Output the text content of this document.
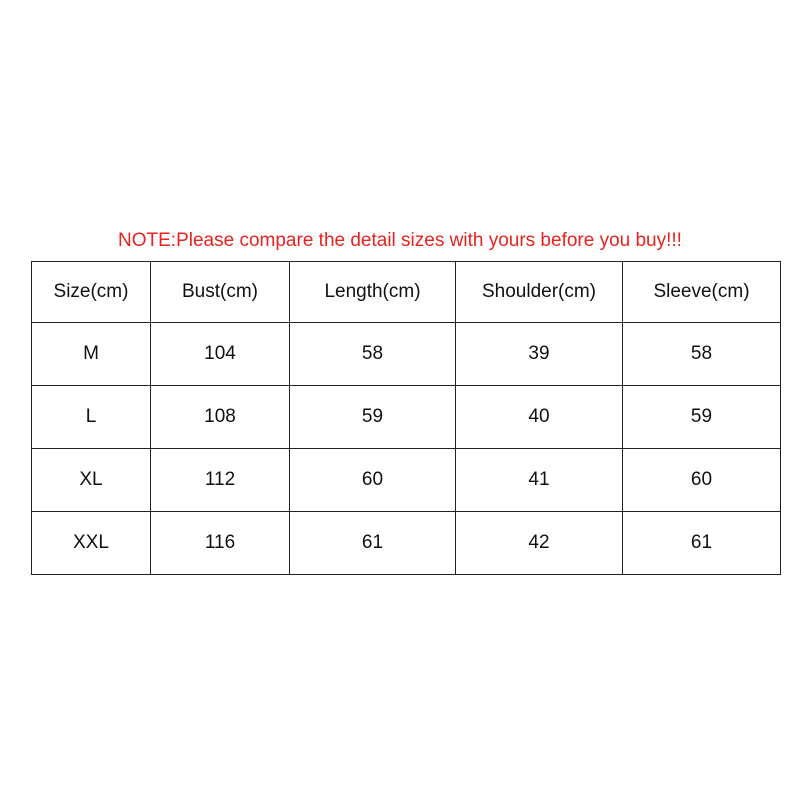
NOTE:Please compare the detail sizes with yours before you buy!!!
Size(cm)	Bust(cm)	Length(cm)	Shoulder(cm)	Sleeve(cm)
M	104	58	39	58
L	108	59	40	59
XL	112	60	41	60
XXL	116	61	42	61
